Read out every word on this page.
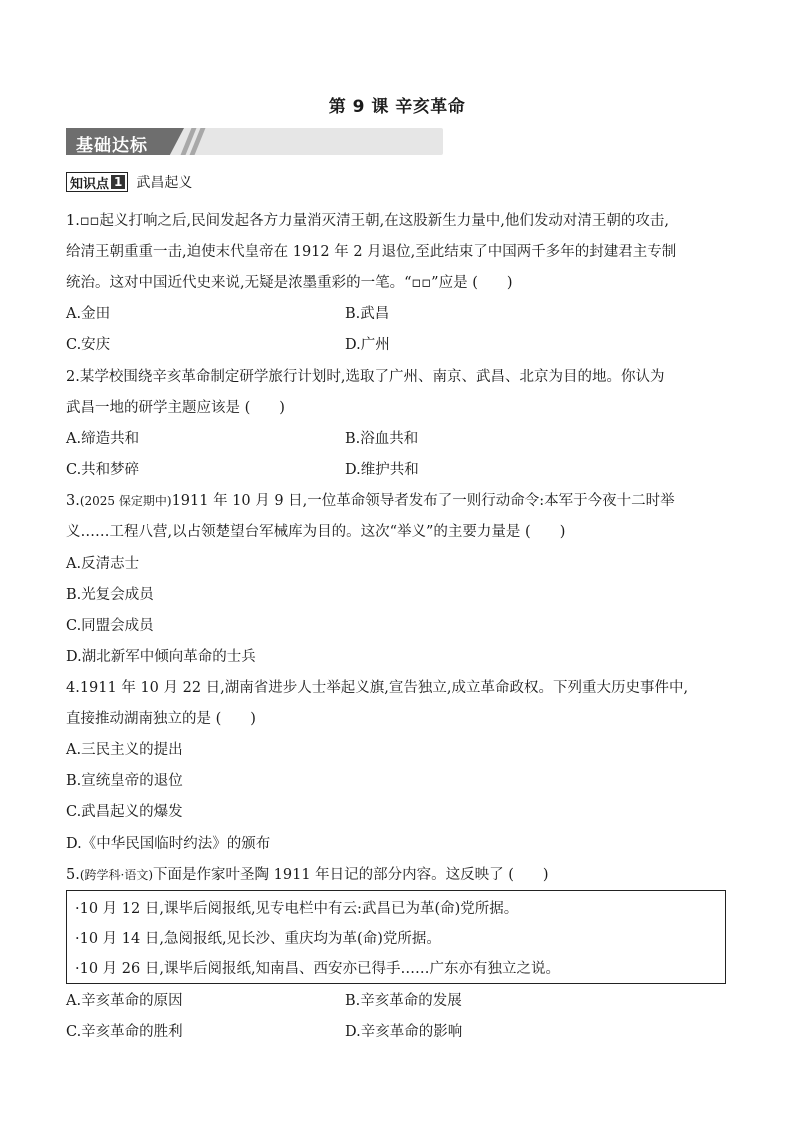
第 9 课 辛亥革命
基础达标
知识点 1 武昌起义
1.▫▫起义打响之后,民间发起各方力量消灭清王朝,在这股新生力量中,他们发动对清王朝的攻击,
给清王朝重重一击,迫使末代皇帝在 1912 年 2 月退位,至此结束了中国两千多年的封建君主专制
统治。这对中国近代史来说,无疑是浓墨重彩的一笔。“▫▫”应是 (　　)
A.金田	B.武昌
C.安庆	D.广州
2.某学校围绕辛亥革命制定研学旅行计划时,选取了广州、南京、武昌、北京为目的地。你认为
武昌一地的研学主题应该是 (　　)
A.缔造共和	B.浴血共和
C.共和梦碎	D.维护共和
3.(2025 保定期中)1911 年 10 月 9 日,一位革命领导者发布了一则行动命令:本军于今夜十二时举
义……工程八营,以占领楚望台军械库为目的。这次“举义”的主要力量是 (　　)
A.反清志士
B.光复会成员
C.同盟会成员
D.湖北新军中倾向革命的士兵
4.1911 年 10 月 22 日,湖南省进步人士举起义旗,宣告独立,成立革命政权。下列重大历史事件中,
直接推动湖南独立的是 (　　)
A.三民主义的提出
B.宣统皇帝的退位
C.武昌起义的爆发
D.《中华民国临时约法》的颁布
5.(跨学科·语文)下面是作家叶圣陶 1911 年日记的部分内容。这反映了 (　　)
·10 月 12 日,课毕后阅报纸,见专电栏中有云:武昌已为革(命)党所据。
·10 月 14 日,急阅报纸,见长沙、重庆均为革(命)党所据。
·10 月 26 日,课毕后阅报纸,知南昌、西安亦已得手……广东亦有独立之说。
A.辛亥革命的原因	B.辛亥革命的发展
C.辛亥革命的胜利	D.辛亥革命的影响
